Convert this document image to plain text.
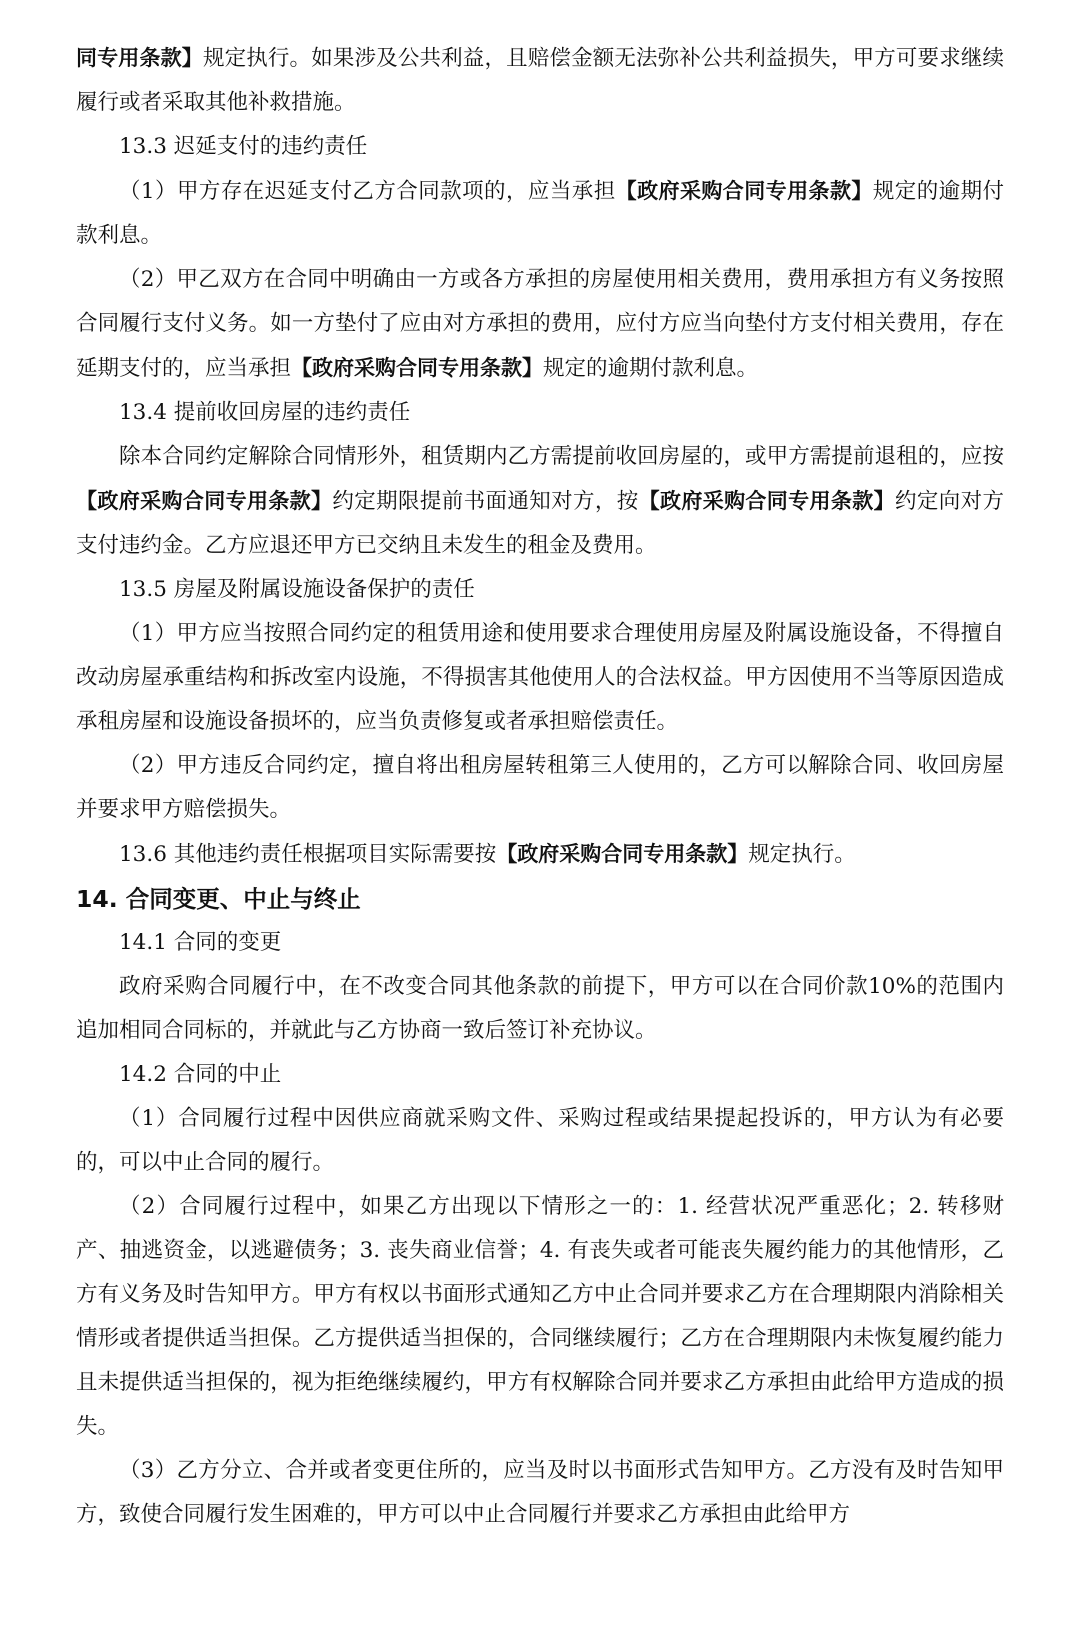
同专用条款】规定执行。如果涉及公共利益，且赔偿金额无法弥补公共利益损失，甲方可要求继续履行或者采取其他补救措施。

13.3 迟延支付的违约责任

（1）甲方存在迟延支付乙方合同款项的，应当承担【政府采购合同专用条款】规定的逾期付款利息。

（2）甲乙双方在合同中明确由一方或各方承担的房屋使用相关费用，费用承担方有义务按照合同履行支付义务。如一方垫付了应由对方承担的费用，应付方应当向垫付方支付相关费用，存在延期支付的，应当承担【政府采购合同专用条款】规定的逾期付款利息。

13.4 提前收回房屋的违约责任

除本合同约定解除合同情形外，租赁期内乙方需提前收回房屋的，或甲方需提前退租的，应按【政府采购合同专用条款】约定期限提前书面通知对方，按【政府采购合同专用条款】约定向对方支付违约金。乙方应退还甲方已交纳且未发生的租金及费用。

13.5 房屋及附属设施设备保护的责任

（1）甲方应当按照合同约定的租赁用途和使用要求合理使用房屋及附属设施设备，不得擅自改动房屋承重结构和拆改室内设施，不得损害其他使用人的合法权益。甲方因使用不当等原因造成承租房屋和设施设备损坏的，应当负责修复或者承担赔偿责任。

（2）甲方违反合同约定，擅自将出租房屋转租第三人使用的，乙方可以解除合同、收回房屋并要求甲方赔偿损失。

13.6 其他违约责任根据项目实际需要按【政府采购合同专用条款】规定执行。

14. 合同变更、中止与终止

14.1 合同的变更

政府采购合同履行中，在不改变合同其他条款的前提下，甲方可以在合同价款10%的范围内追加相同合同标的，并就此与乙方协商一致后签订补充协议。

14.2 合同的中止

（1）合同履行过程中因供应商就采购文件、采购过程或结果提起投诉的，甲方认为有必要的，可以中止合同的履行。

（2）合同履行过程中，如果乙方出现以下情形之一的：1. 经营状况严重恶化；2. 转移财产、抽逃资金，以逃避债务；3. 丧失商业信誉；4. 有丧失或者可能丧失履约能力的其他情形，乙方有义务及时告知甲方。甲方有权以书面形式通知乙方中止合同并要求乙方在合理期限内消除相关情形或者提供适当担保。乙方提供适当担保的，合同继续履行；乙方在合理期限内未恢复履约能力且未提供适当担保的，视为拒绝继续履约，甲方有权解除合同并要求乙方承担由此给甲方造成的损失。

（3）乙方分立、合并或者变更住所的，应当及时以书面形式告知甲方。乙方没有及时告知甲方，致使合同履行发生困难的，甲方可以中止合同履行并要求乙方承担由此给甲方
